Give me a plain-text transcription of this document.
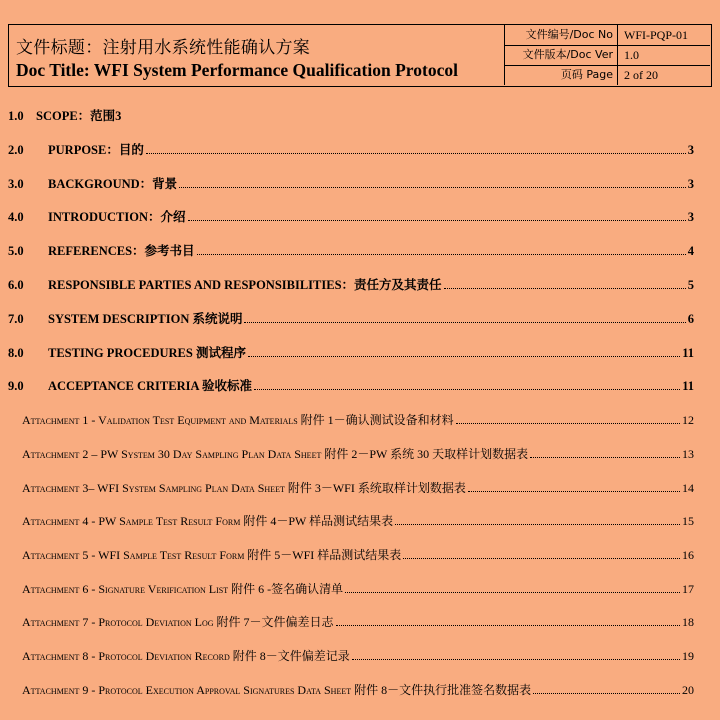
文件标题：注射用水系统性能确认方案
Doc Title: WFI System Performance Qualification Protocol
文件编号/Doc No WFI-PQP-01
文件版本/Doc Ver 1.0
页码 Page 2 of 20
1.0 SCOPE：范围3
2.0 PURPOSE：目的	3
3.0 BACKGROUND：背景	3
4.0 INTRODUCTION：介绍	3
5.0 REFERENCES：参考书目	4
6.0 RESPONSIBLE PARTIES AND RESPONSIBILITIES：责任方及其责任	5
7.0 SYSTEM DESCRIPTION 系统说明	6
8.0 TESTING PROCEDURES 测试程序	11
9.0 ACCEPTANCE CRITERIA 验收标准	11
Attachment 1 - Validation Test Equipment and Materials 附件 1－确认测试设备和材料	12
Attachment 2 – PW System 30 Day Sampling Plan Data Sheet 附件 2－PW 系统 30 天取样计划数据表	13
Attachment 3– WFI System Sampling Plan Data Sheet 附件 3－WFI 系统取样计划数据表	14
Attachment 4 - PW Sample Test Result Form 附件 4－PW 样品测试结果表	15
Attachment 5 - WFI Sample Test Result Form 附件 5－WFI 样品测试结果表	16
Attachment 6 - Signature Verification List 附件 6 -签名确认清单	17
Attachment 7 - Protocol Deviation Log 附件 7－文件偏差日志	18
Attachment 8 - Protocol Deviation Record 附件 8－文件偏差记录	19
Attachment 9 - Protocol Execution Approval Signatures Data Sheet 附件 8－文件执行批准签名数据表	20
